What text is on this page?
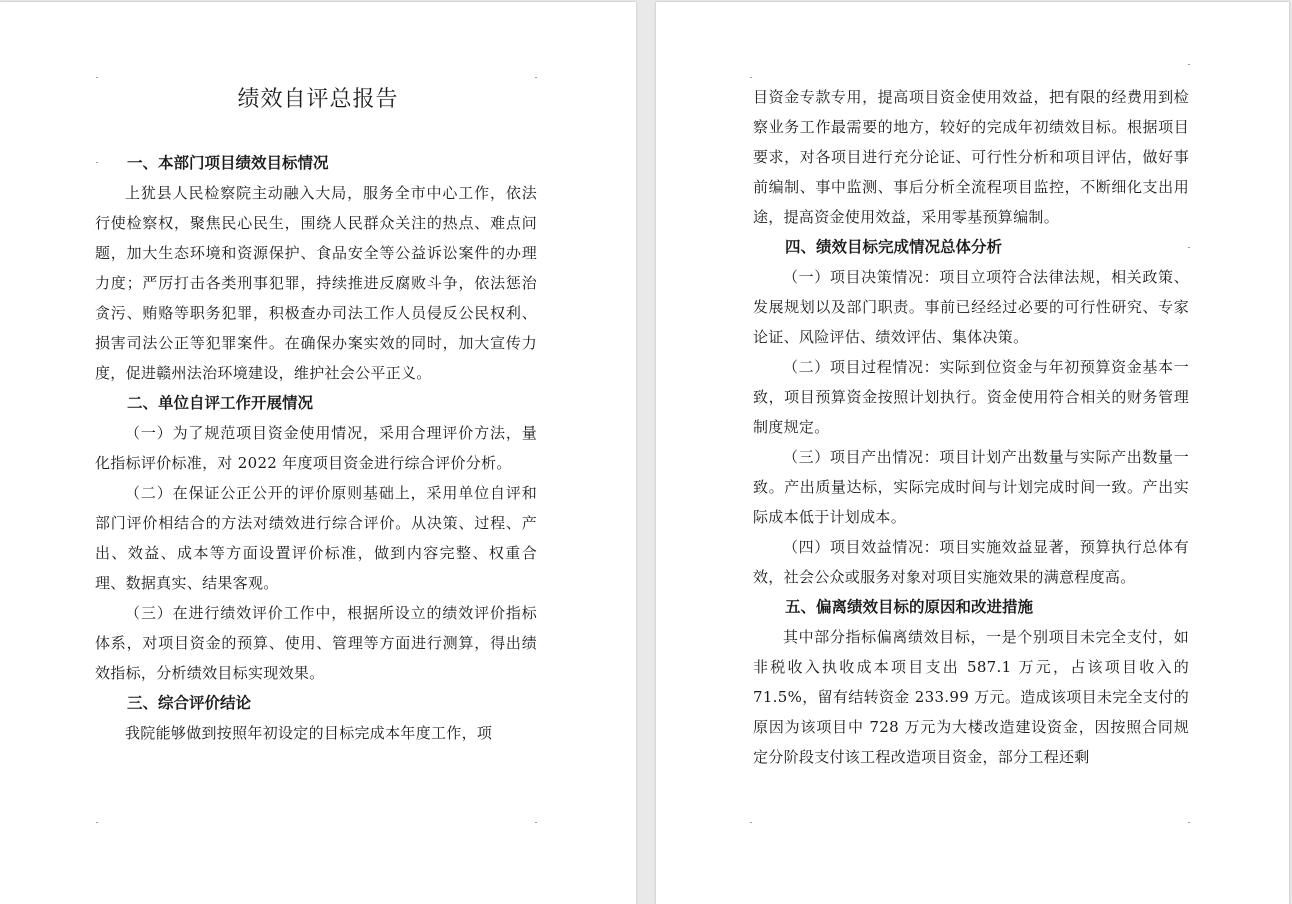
绩效自评总报告
一、本部门项目绩效目标情况

上犹县人民检察院主动融入大局，服务全市中心工作，依法行使检察权，聚焦民心民生，围绕人民群众关注的热点、难点问题，加大生态环境和资源保护、食品安全等公益诉讼案件的办理力度；严厉打击各类刑事犯罪，持续推进反腐败斗争，依法惩治贪污、贿赂等职务犯罪，积极查办司法工作人员侵反公民权利、损害司法公正等犯罪案件。在确保办案实效的同时，加大宣传力度，促进赣州法治环境建设，维护社会公平正义。

二、单位自评工作开展情况

（一）为了规范项目资金使用情况，采用合理评价方法，量化指标评价标准，对 2022 年度项目资金进行综合评价分析。

（二）在保证公正公开的评价原则基础上，采用单位自评和部门评价相结合的方法对绩效进行综合评价。从决策、过程、产出、效益、成本等方面设置评价标准，做到内容完整、权重合理、数据真实、结果客观。

（三）在进行绩效评价工作中，根据所设立的绩效评价指标体系，对项目资金的预算、使用、管理等方面进行测算，得出绩效指标，分析绩效目标实现效果。

三、综合评价结论

我院能够做到按照年初设定的目标完成本年度工作，项

目资金专款专用，提高项目资金使用效益，把有限的经费用到检察业务工作最需要的地方，较好的完成年初绩效目标。根据项目要求，对各项目进行充分论证、可行性分析和项目评估，做好事前编制、事中监测、事后分析全流程项目监控，不断细化支出用途，提高资金使用效益，采用零基预算编制。

四、绩效目标完成情况总体分析

（一）项目决策情况：项目立项符合法律法规，相关政策、发展规划以及部门职责。事前已经经过必要的可行性研究、专家论证、风险评估、绩效评估、集体决策。

（二）项目过程情况：实际到位资金与年初预算资金基本一致，项目预算资金按照计划执行。资金使用符合相关的财务管理制度规定。

（三）项目产出情况：项目计划产出数量与实际产出数量一致。产出质量达标，实际完成时间与计划完成时间一致。产出实际成本低于计划成本。

（四）项目效益情况：项目实施效益显著，预算执行总体有效，社会公众或服务对象对项目实施效果的满意程度高。

五、偏离绩效目标的原因和改进措施

其中部分指标偏离绩效目标，一是个别项目未完全支付，如非税收入执收成本项目支出 587.1 万元，占该项目收入的 71.5%，留有结转资金 233.99 万元。造成该项目未完全支付的原因为该项目中 728 万元为大楼改造建设资金，因按照合同规定分阶段支付该工程改造项目资金，部分工程还剩
